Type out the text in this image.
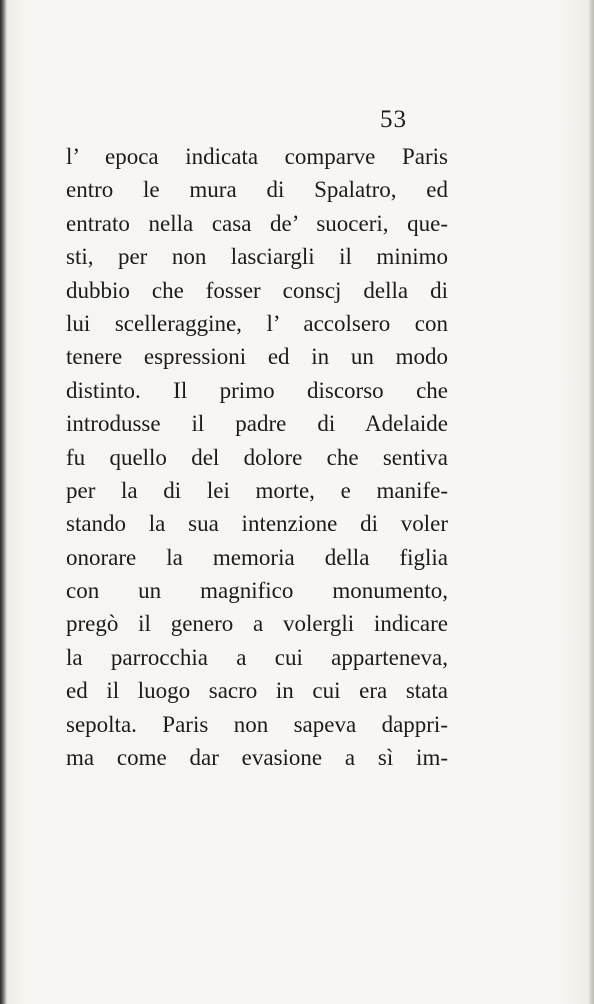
53
l’ epoca indicata comparve Paris
entro le mura di Spalatro, ed
entrato nella casa de’ suoceri, que-
sti, per non lasciargli il minimo
dubbio che fosser conscj della di
lui scelleraggine, l’ accolsero con
tenere espressioni ed in un modo
distinto. Il primo discorso che
introdusse il padre di Adelaide
fu quello del dolore che sentiva
per la di lei morte, e manife-
stando la sua intenzione di voler
onorare la memoria della figlia
con un magnifico monumento,
pregò il genero a volergli indicare
la parrocchia a cui apparteneva,
ed il luogo sacro in cui era stata
sepolta. Paris non sapeva dappri-
ma come dar evasione a sì im-
